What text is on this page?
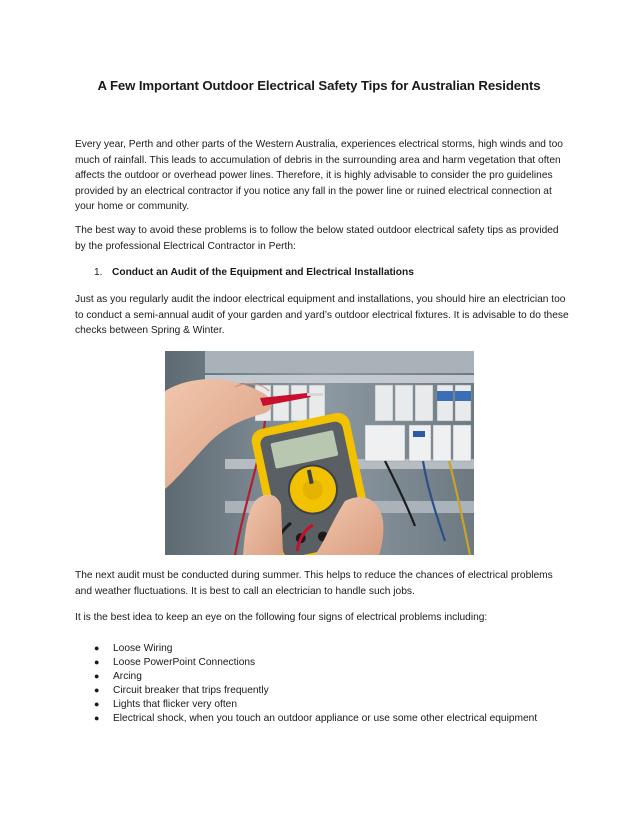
A Few Important Outdoor Electrical Safety Tips for Australian Residents

Every year, Perth and other parts of the Western Australia, experiences electrical storms, high winds and too much of rainfall. This leads to accumulation of debris in the surrounding area and harm vegetation that often affects the outdoor or overhead power lines. Therefore, it is highly advisable to consider the pro guidelines provided by an electrical contractor if you notice any fall in the power line or ruined electrical connection at your home or community.

The best way to avoid these problems is to follow the below stated outdoor electrical safety tips as provided by the professional Electrical Contractor in Perth:

1. Conduct an Audit of the Equipment and Electrical Installations

Just as you regularly audit the indoor electrical equipment and installations, you should hire an electrician too to conduct a semi-annual audit of your garden and yard’s outdoor electrical fixtures. It is advisable to do these checks between Spring & Winter.

The next audit must be conducted during summer. This helps to reduce the chances of electrical problems and weather fluctuations. It is best to call an electrician to handle such jobs.

It is the best idea to keep an eye on the following four signs of electrical problems including:

● Loose Wiring
● Loose PowerPoint Connections
● Arcing
● Circuit breaker that trips frequently
● Lights that flicker very often
● Electrical shock, when you touch an outdoor appliance or use some other electrical equipment
